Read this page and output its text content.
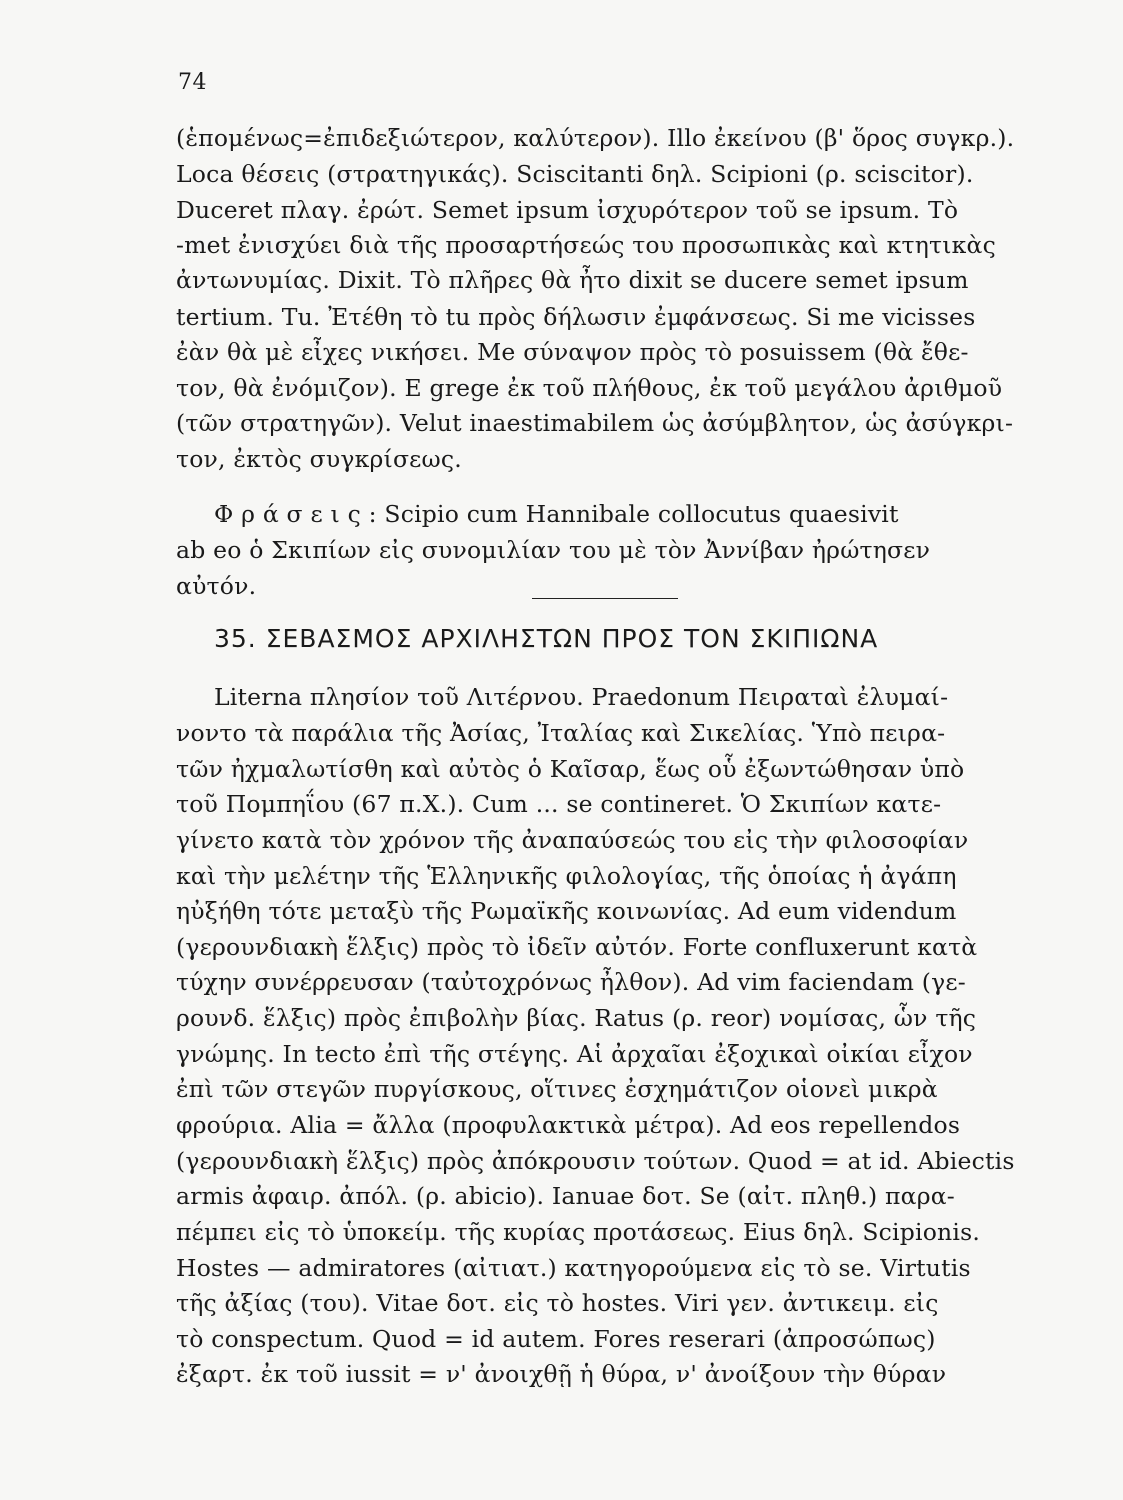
74
(ἑπομένως=ἐπιδεξιώτερον, καλύτερον). Illo ἐκείνου (β' ὅρος συγκρ.).
Loca θέσεις (στρατηγικάς). Sciscitanti δηλ. Scipioni (ρ. sciscitor).
Duceret πλαγ. ἐρώτ. Semet ipsum ἰσχυρότερον τοῦ se ipsum. Τὸ
-met ἐνισχύει διὰ τῆς προσαρτήσεώς του προσωπικὰς καὶ κτητικὰς
ἀντωνυμίας. Dixit. Τὸ πλῆρες θὰ ἦτο dixit se ducere semet ipsum
tertium. Tu. Ἐτέθη τὸ tu πρὸς δήλωσιν ἐμφάνσεως. Si me vicisses
ἐὰν θὰ μὲ εἶχες νικήσει. Me σύναψον πρὸς τὸ posuissem (θὰ ἔθε-
τον, θὰ ἐνόμιζον). E grege ἐκ τοῦ πλήθους, ἐκ τοῦ μεγάλου ἀριθμοῦ
(τῶν στρατηγῶν). Velut inaestimabilem ὡς ἀσύμβλητον, ὡς ἀσύγκρι-
τον, ἐκτὸς συγκρίσεως.
Φ ρ ά σ ε ι ς : Scipio cum Hannibale collocutus quaesivit
ab eo ὁ Σκιπίων εἰς συνομιλίαν του μὲ τὸν Ἀννίβαν ἠρώτησεν
αὐτόν.
35. ΣΕΒΑΣΜΟΣ ΑΡΧΙΛΗΣΤΩΝ ΠΡΟΣ ΤΟΝ ΣΚΙΠΙΩΝΑ
Literna πλησίον τοῦ Λιτέρνου. Praedonum Πειραταὶ ἐλυμαί-
νοντο τὰ παράλια τῆς Ἀσίας, Ἰταλίας καὶ Σικελίας. Ὑπὸ πειρα-
τῶν ἠχμαλωτίσθη καὶ αὐτὸς ὁ Καῖσαρ, ἕως οὗ ἐξωντώθησαν ὑπὸ
τοῦ Πομπηΐου (67 π.Χ.). Cum ... se contineret. Ὁ Σκιπίων κατε-
γίνετο κατὰ τὸν χρόνον τῆς ἀναπαύσεώς του εἰς τὴν φιλοσοφίαν
καὶ τὴν μελέτην τῆς Ἑλληνικῆς φιλολογίας, τῆς ὁποίας ἡ ἀγάπη
ηὐξήθη τότε μεταξὺ τῆς Ρωμαϊκῆς κοινωνίας. Ad eum videndum
(γερουνδιακὴ ἕλξις) πρὸς τὸ ἰδεῖν αὐτόν. Forte confluxerunt κατὰ
τύχην συνέρρευσαν (ταὐτοχρόνως ἦλθον). Ad vim faciendam (γε-
ρουνδ. ἕλξις) πρὸς ἐπιβολὴν βίας. Ratus (ρ. reor) νομίσας, ὧν τῆς
γνώμης. In tecto ἐπὶ τῆς στέγης. Αἱ ἀρχαῖαι ἐξοχικαὶ οἰκίαι εἶχον
ἐπὶ τῶν στεγῶν πυργίσκους, οἵτινες ἐσχημάτιζον οἱονεὶ μικρὰ
φρούρια. Alia = ἄλλα (προφυλακτικὰ μέτρα). Ad eos repellendos
(γερουνδιακὴ ἕλξις) πρὸς ἀπόκρουσιν τούτων. Quod = at id. Abiectis
armis ἀφαιρ. ἀπόλ. (ρ. abicio). Ianuae δοτ. Se (αἰτ. πληθ.) παρα-
πέμπει εἰς τὸ ὑποκείμ. τῆς κυρίας προτάσεως. Eius δηλ. Scipionis.
Hostes — admiratores (αἰτιατ.) κατηγορούμενα εἰς τὸ se. Virtutis
τῆς ἀξίας (του). Vitae δοτ. εἰς τὸ hostes. Viri γεν. ἀντικειμ. εἰς
τὸ conspectum. Quod = id autem. Fores reserari (ἀπροσώπως)
ἐξαρτ. ἐκ τοῦ iussit = ν' ἀνοιχθῇ ἡ θύρα, ν' ἀνοίξουν τὴν θύραν
